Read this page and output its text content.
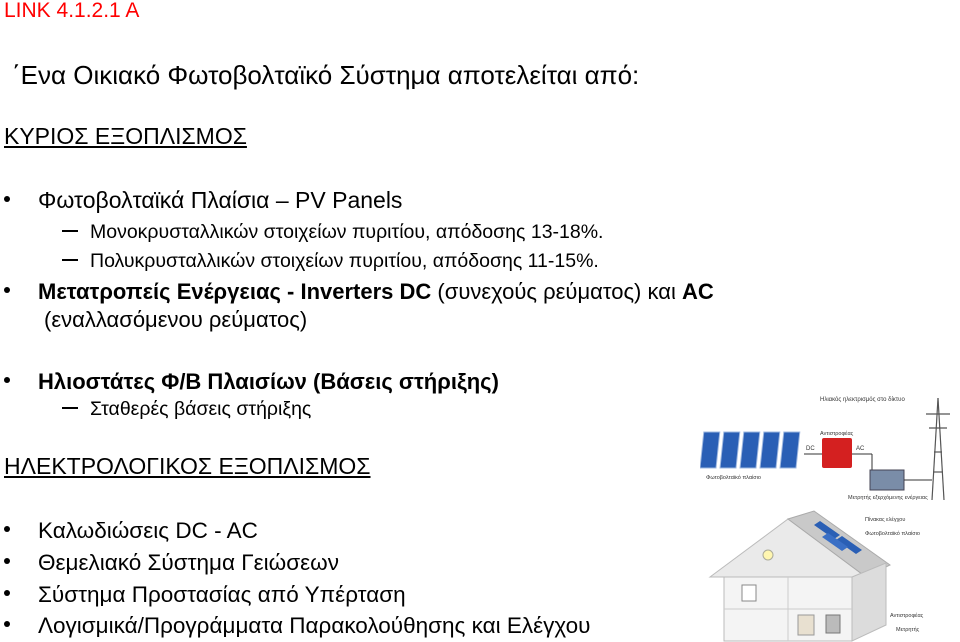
LINK 4.1.2.1 A
΄Ενα Οικιακό Φωτοβολταϊκό Σύστημα αποτελείται από:
ΚΥΡΙΟΣ ΕΞΟΠΛΙΣΜΟΣ
Φωτοβολταϊκά Πλαίσια – PV Panels
Μονοκρυσταλλικών στοιχείων πυριτίου, απόδοσης 13-18%.
Πολυκρυσταλλικών στοιχείων πυριτίου, απόδοσης 11-15%.
Μετατροπείς Ενέργειας - Inverters DC (συνεχούς ρεύματος) και AC
(εναλλασόμενου ρεύματος)
Ηλιοστάτες Φ/Β Πλαισίων (Βάσεις στήριξης)
Σταθερές βάσεις στήριξης
ΗΛΕΚΤΡΟΛΟΓΙΚΟΣ ΕΞΟΠΛΙΣΜΟΣ
Καλωδιώσεις DC - AC
Θεμελιακό Σύστημα Γειώσεων
Σύστημα Προστασίας από Υπέρταση
Λογισμικά/Προγράμματα Παρακολούθησης και Ελέγχου
Ηλιακός ηλεκτρισμός στο δίκτυο
Φωτοβολταϊκό πλαίσιο
Αντιστροφέας
DC	AC
Μετρητής εξερχόμενης ενέργειας
Πίνακας ελέγχου
Φωτοβολταϊκό πλαίσιο
Αντιστροφέας
Μετρητής
